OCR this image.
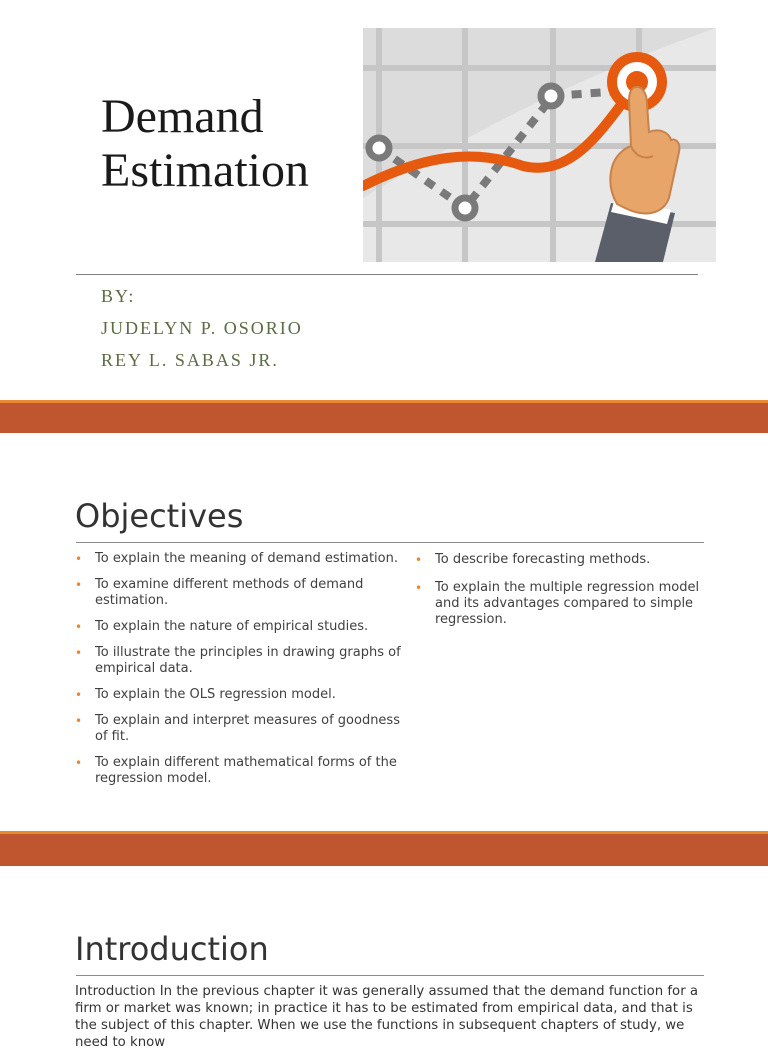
Demand
Estimation
BY:
JUDELYN P. OSORIO
REY L. SABAS JR.
Objectives
• To explain the meaning of demand estimation.
• To examine different methods of demand estimation.
• To explain the nature of empirical studies.
• To illustrate the principles in drawing graphs of empirical data.
• To explain the OLS regression model.
• To explain and interpret measures of goodness of fit.
• To explain different mathematical forms of the regression model.
• To describe forecasting methods.
• To explain the multiple regression model and its advantages compared to simple regression.
Introduction

Introduction In the previous chapter it was generally assumed that the demand function for a firm or market was known; in practice it has to be estimated from empirical data, and that is the subject of this chapter. When we use the functions in subsequent chapters of study, we need to know
